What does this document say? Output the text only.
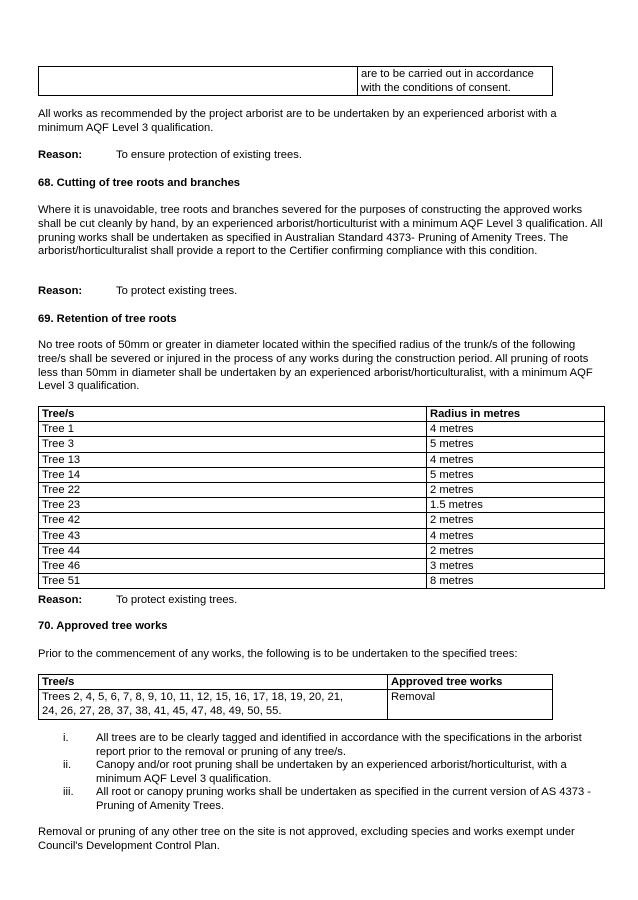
are to be carried out in accordance
with the conditions of consent.
All works as recommended by the project arborist are to be undertaken by an experienced arborist with a minimum AQF Level 3 qualification.
Reason:	To ensure protection of existing trees.
68. Cutting of tree roots and branches
Where it is unavoidable, tree roots and branches severed for the purposes of constructing the approved works shall be cut cleanly by hand, by an experienced arborist/horticulturist with a minimum AQF Level 3 qualification. All pruning works shall be undertaken as specified in Australian Standard 4373- Pruning of Amenity Trees. The arborist/horticulturalist shall provide a report to the Certifier confirming compliance with this condition.
Reason:	To protect existing trees.
69. Retention of tree roots
No tree roots of 50mm or greater in diameter located within the specified radius of the trunk/s of the following tree/s shall be severed or injured in the process of any works during the construction period. All pruning of roots less than 50mm in diameter shall be undertaken by an experienced arborist/horticulturalist, with a minimum AQF Level 3 qualification.
Tree/s	Radius in metres
Tree 1	4 metres
Tree 3	5 metres
Tree 13	4 metres
Tree 14	5 metres
Tree 22	2 metres
Tree 23	1.5 metres
Tree 42	2 metres
Tree 43	4 metres
Tree 44	2 metres
Tree 46	3 metres
Tree 51	8 metres
Reason:	To protect existing trees.
70. Approved tree works
Prior to the commencement of any works, the following is to be undertaken to the specified trees:
Tree/s	Approved tree works

Trees 2, 4, 5, 6, 7, 8, 9, 10, 11, 12, 15, 16, 17, 18, 19, 20, 21,
24, 26, 27, 28, 37, 38, 41, 45, 47, 48, 49, 50, 55.	Removal
i.	All trees are to be clearly tagged and identified in accordance with the specifications in the arborist report prior to the removal or pruning of any tree/s.
ii.	Canopy and/or root pruning shall be undertaken by an experienced arborist/horticulturist, with a minimum AQF Level 3 qualification.
iii.	All root or canopy pruning works shall be undertaken as specified in the current version of AS 4373 - Pruning of Amenity Trees.
Removal or pruning of any other tree on the site is not approved, excluding species and works exempt under Council's Development Control Plan.
